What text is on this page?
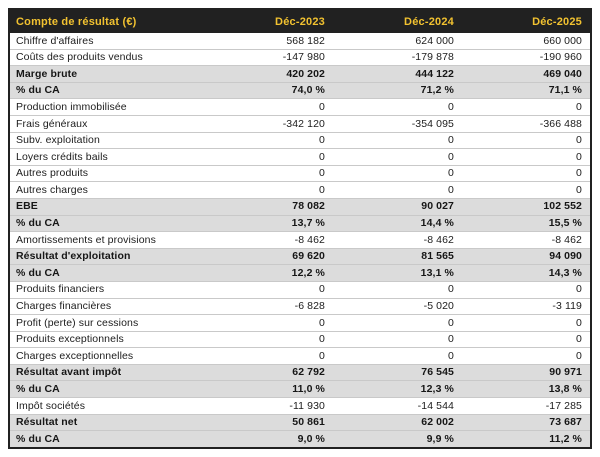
Compte de résultat (€)	Déc-2023	Déc-2024	Déc-2025
Chiffre d'affaires	568 182	624 000	660 000
Coûts des produits vendus	-147 980	-179 878	-190 960
Marge brute	420 202	444 122	469 040
% du CA	74,0 %	71,2 %	71,1 %
Production immobilisée	0	0	0
Frais généraux	-342 120	-354 095	-366 488
Subv. exploitation	0	0	0
Loyers crédits bails	0	0	0
Autres produits	0	0	0
Autres charges	0	0	0
EBE	78 082	90 027	102 552
% du CA	13,7 %	14,4 %	15,5 %
Amortissements et provisions	-8 462	-8 462	-8 462
Résultat d'exploitation	69 620	81 565	94 090
% du CA	12,2 %	13,1 %	14,3 %
Produits financiers	0	0	0
Charges financières	-6 828	-5 020	-3 119
Profit (perte) sur cessions	0	0	0
Produits exceptionnels	0	0	0
Charges exceptionnelles	0	0	0
Résultat avant impôt	62 792	76 545	90 971
% du CA	11,0 %	12,3 %	13,8 %
Impôt sociétés	-11 930	-14 544	-17 285
Résultat net	50 861	62 002	73 687
% du CA	9,0 %	9,9 %	11,2 %
